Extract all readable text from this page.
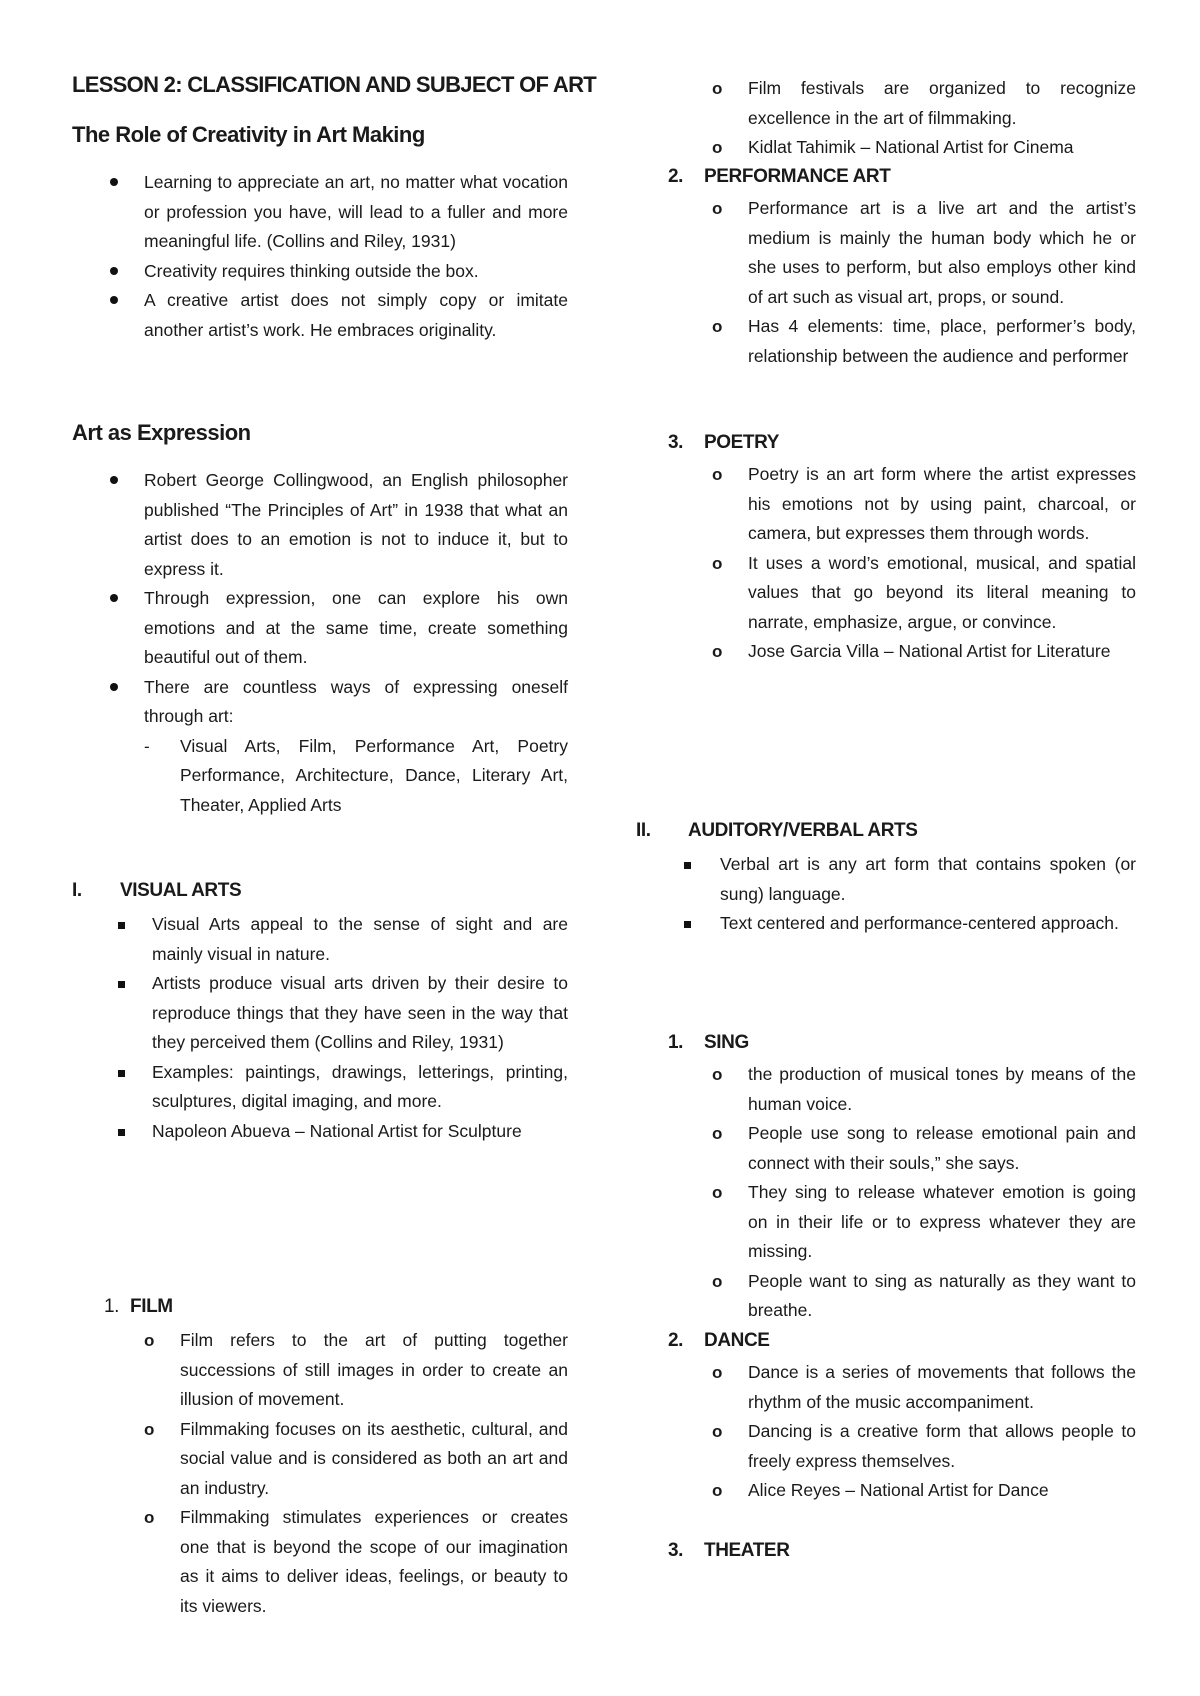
LESSON 2: CLASSIFICATION AND SUBJECT OF ART
The Role of Creativity in Art Making
Learning to appreciate an art, no matter what vocation or profession you have, will lead to a fuller and more meaningful life. (Collins and Riley, 1931)
Creativity requires thinking outside the box.
A creative artist does not simply copy or imitate another artist’s work. He embraces originality.
Art as Expression
Robert George Collingwood, an English philosopher published “The Principles of Art” in 1938 that what an artist does to an emotion is not to induce it, but to express it.
Through expression, one can explore his own emotions and at the same time, create something beautiful out of them.
There are countless ways of expressing oneself through art:
- Visual Arts, Film, Performance Art, Poetry Performance, Architecture, Dance, Literary Art, Theater, Applied Arts
I. VISUAL ARTS
Visual Arts appeal to the sense of sight and are mainly visual in nature.
Artists produce visual arts driven by their desire to reproduce things that they have seen in the way that they perceived them (Collins and Riley, 1931)
Examples: paintings, drawings, letterings, printing, sculptures, digital imaging, and more.
Napoleon Abueva – National Artist for Sculpture
1. FILM
o Film refers to the art of putting together successions of still images in order to create an illusion of movement.
o Filmmaking focuses on its aesthetic, cultural, and social value and is considered as both an art and an industry.
o Filmmaking stimulates experiences or creates one that is beyond the scope of our imagination as it aims to deliver ideas, feelings, or beauty to its viewers.
o Film festivals are organized to recognize excellence in the art of filmmaking.
o Kidlat Tahimik – National Artist for Cinema
2. PERFORMANCE ART
o Performance art is a live art and the artist’s medium is mainly the human body which he or she uses to perform, but also employs other kind of art such as visual art, props, or sound.
o Has 4 elements: time, place, performer’s body, relationship between the audience and performer
3. POETRY
o Poetry is an art form where the artist expresses his emotions not by using paint, charcoal, or camera, but expresses them through words.
o It uses a word’s emotional, musical, and spatial values that go beyond its literal meaning to narrate, emphasize, argue, or convince.
o Jose Garcia Villa – National Artist for Literature
II. AUDITORY/VERBAL ARTS
Verbal art is any art form that contains spoken (or sung) language.
Text centered and performance-centered approach.
1. SING
o the production of musical tones by means of the human voice.
o People use song to release emotional pain and connect with their souls,” she says.
o They sing to release whatever emotion is going on in their life or to express whatever they are missing.
o People want to sing as naturally as they want to breathe.
2. DANCE
o Dance is a series of movements that follows the rhythm of the music accompaniment.
o Dancing is a creative form that allows people to freely express themselves.
o Alice Reyes – National Artist for Dance
3. THEATER
